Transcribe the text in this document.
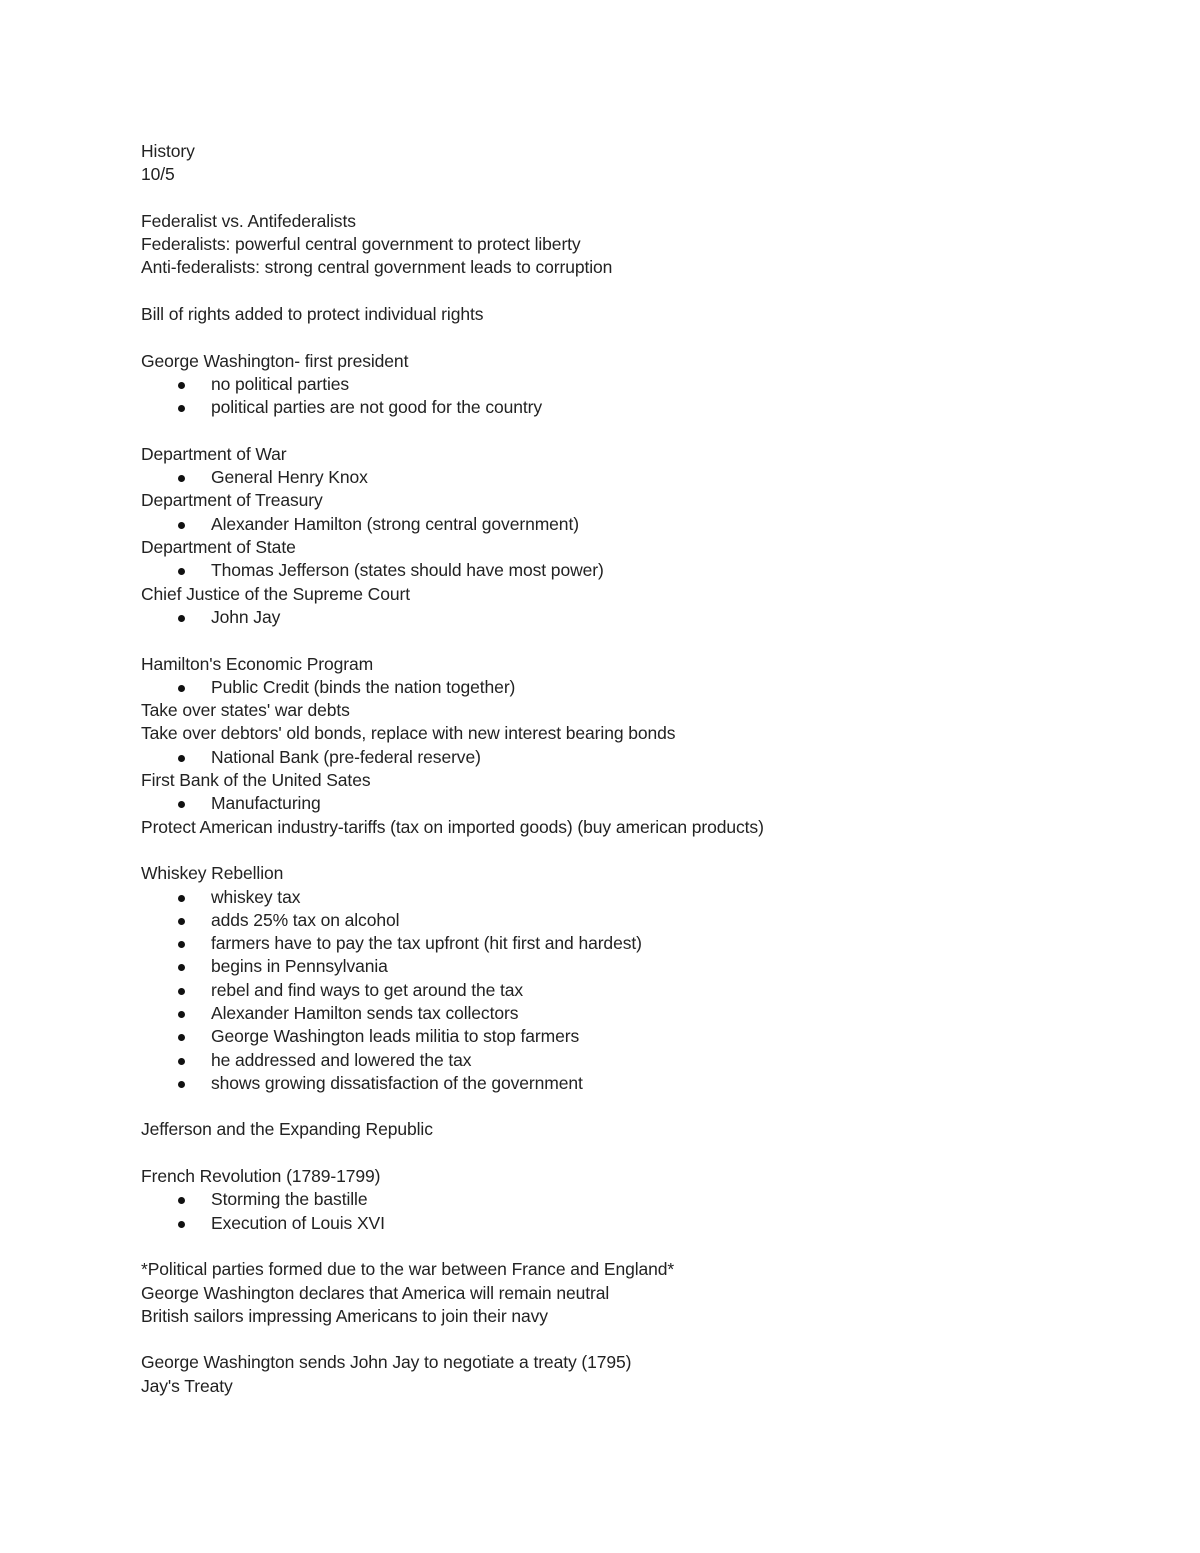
History
10/5
Federalist vs. Antifederalists
Federalists: powerful central government to protect liberty
Anti-federalists: strong central government leads to corruption
Bill of rights added to protect individual rights
George Washington- first president
no political parties
political parties are not good for the country
Department of War
General Henry Knox
Department of Treasury
Alexander Hamilton (strong central government)
Department of State
Thomas Jefferson (states should have most power)
Chief Justice of the Supreme Court
John Jay
Hamilton's Economic Program
Public Credit (binds the nation together)
Take over states' war debts
Take over debtors' old bonds, replace with new interest bearing bonds
National Bank (pre-federal reserve)
First Bank of the United Sates
Manufacturing
Protect American industry-tariffs (tax on imported goods) (buy american products)
Whiskey Rebellion
whiskey tax
adds 25% tax on alcohol
farmers have to pay the tax upfront (hit first and hardest)
begins in Pennsylvania
rebel and find ways to get around the tax
Alexander Hamilton sends tax collectors
George Washington leads militia to stop farmers
he addressed and lowered the tax
shows growing dissatisfaction of the government
Jefferson and the Expanding Republic
French Revolution (1789-1799)
Storming the bastille
Execution of Louis XVI
*Political parties formed due to the war between France and England*
George Washington declares that America will remain neutral
British sailors impressing Americans to join their navy
George Washington sends John Jay to negotiate a treaty (1795)
Jay's Treaty
